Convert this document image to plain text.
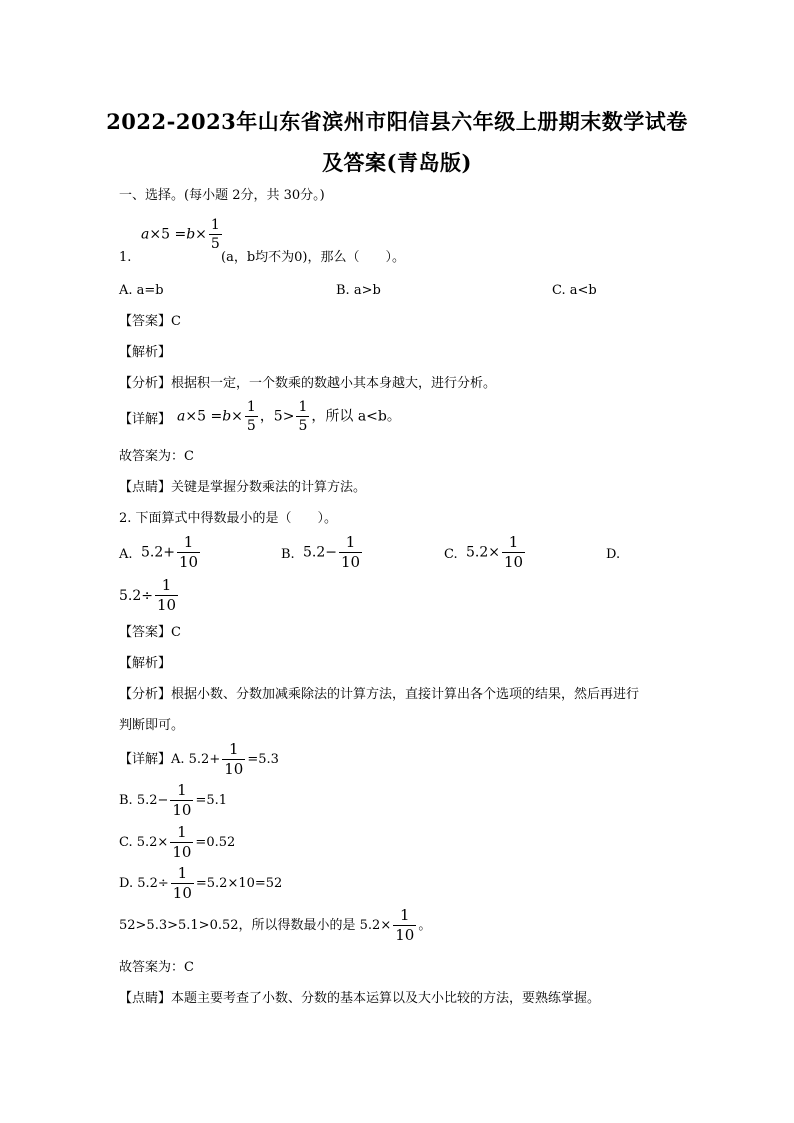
2022-2023年山东省滨州市阳信县六年级上册期末数学试卷
及答案(青岛版)
一、选择。(每小题 2分，共 30分。)
1.
$a\times 5 =b\times \frac{1}{5}$
(a，b均不为0)，那么（　　）。
A. a=b	B. a>b	C. a<b
【答案】C
【解析】
【分析】根据积一定，一个数乘的数越小其本身越大，进行分析。
【详解】 $a\times 5 =b\times \frac{1}{5}$ ，$5> \frac{1}{5}$ ，所以 a<b。
故答案为：C
【点睛】关键是掌握分数乘法的计算方法。
2. 下面算式中得数最小的是（　　）。
A. $5.2+ \frac{1}{10}$	B. $5.2- \frac{1}{10}$	C. $5.2\times \frac{1}{10}$	D.
$5.2\div \frac{1}{10}$
【答案】C
【解析】
【分析】根据小数、分数加减乘除法的计算方法，直接计算出各个选项的结果，然后再进行
判断即可。
【详解】A. $5.2+ \frac{1}{10} =5.3$
B. $5.2- \frac{1}{10} =5.1$
C. $5.2\times \frac{1}{10} =0.52$
D. $5.2\div \frac{1}{10} =5.2\times 10=52$
52>5.3>5.1>0.52，所以得数最小的是 $5.2\times \frac{1}{10}$ 。
故答案为：C
【点睛】本题主要考查了小数、分数的基本运算以及大小比较的方法，要熟练掌握。
